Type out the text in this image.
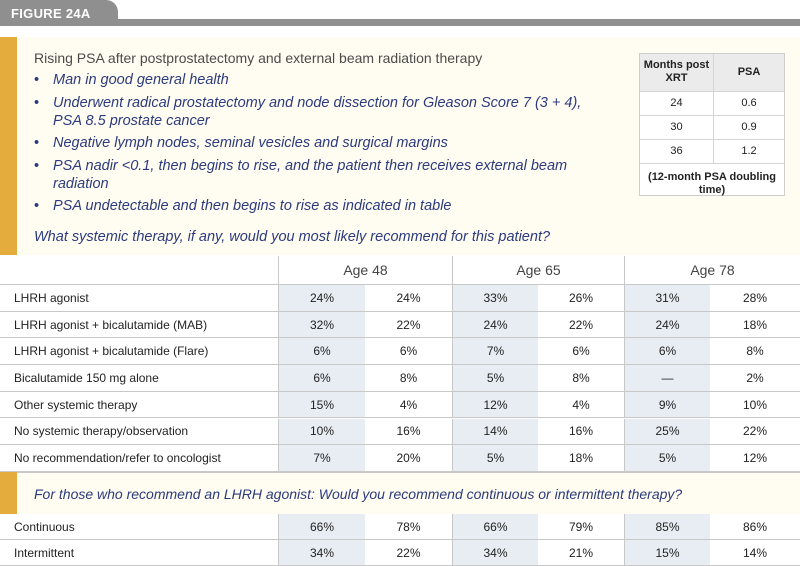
FIGURE 24A
Rising PSA after postprostatectomy and external beam radiation therapy
• Man in good general health
• Underwent radical prostatectomy and node dissection for Gleason Score 7 (3 + 4), PSA 8.5 prostate cancer
• Negative lymph nodes, seminal vesicles and surgical margins
• PSA nadir <0.1, then begins to rise, and the patient then receives external beam radiation
• PSA undetectable and then begins to rise as indicated in table
What systemic therapy, if any, would you most likely recommend for this patient?
Months post XRT	PSA
24	0.6
30	0.9
36	1.2
(12-month PSA doubling time)
Age 48	Age 65	Age 78
LHRH agonist	24%	24%	33%	26%	31%	28%
LHRH agonist + bicalutamide (MAB)	32%	22%	24%	22%	24%	18%
LHRH agonist + bicalutamide (Flare)	6%	6%	7%	6%	6%	8%
Bicalutamide 150 mg alone	6%	8%	5%	8%	—	2%
Other systemic therapy	15%	4%	12%	4%	9%	10%
No systemic therapy/observation	10%	16%	14%	16%	25%	22%
No recommendation/refer to oncologist	7%	20%	5%	18%	5%	12%
For those who recommend an LHRH agonist: Would you recommend continuous or intermittent therapy?
Continuous	66%	78%	66%	79%	85%	86%
Intermittent	34%	22%	34%	21%	15%	14%
